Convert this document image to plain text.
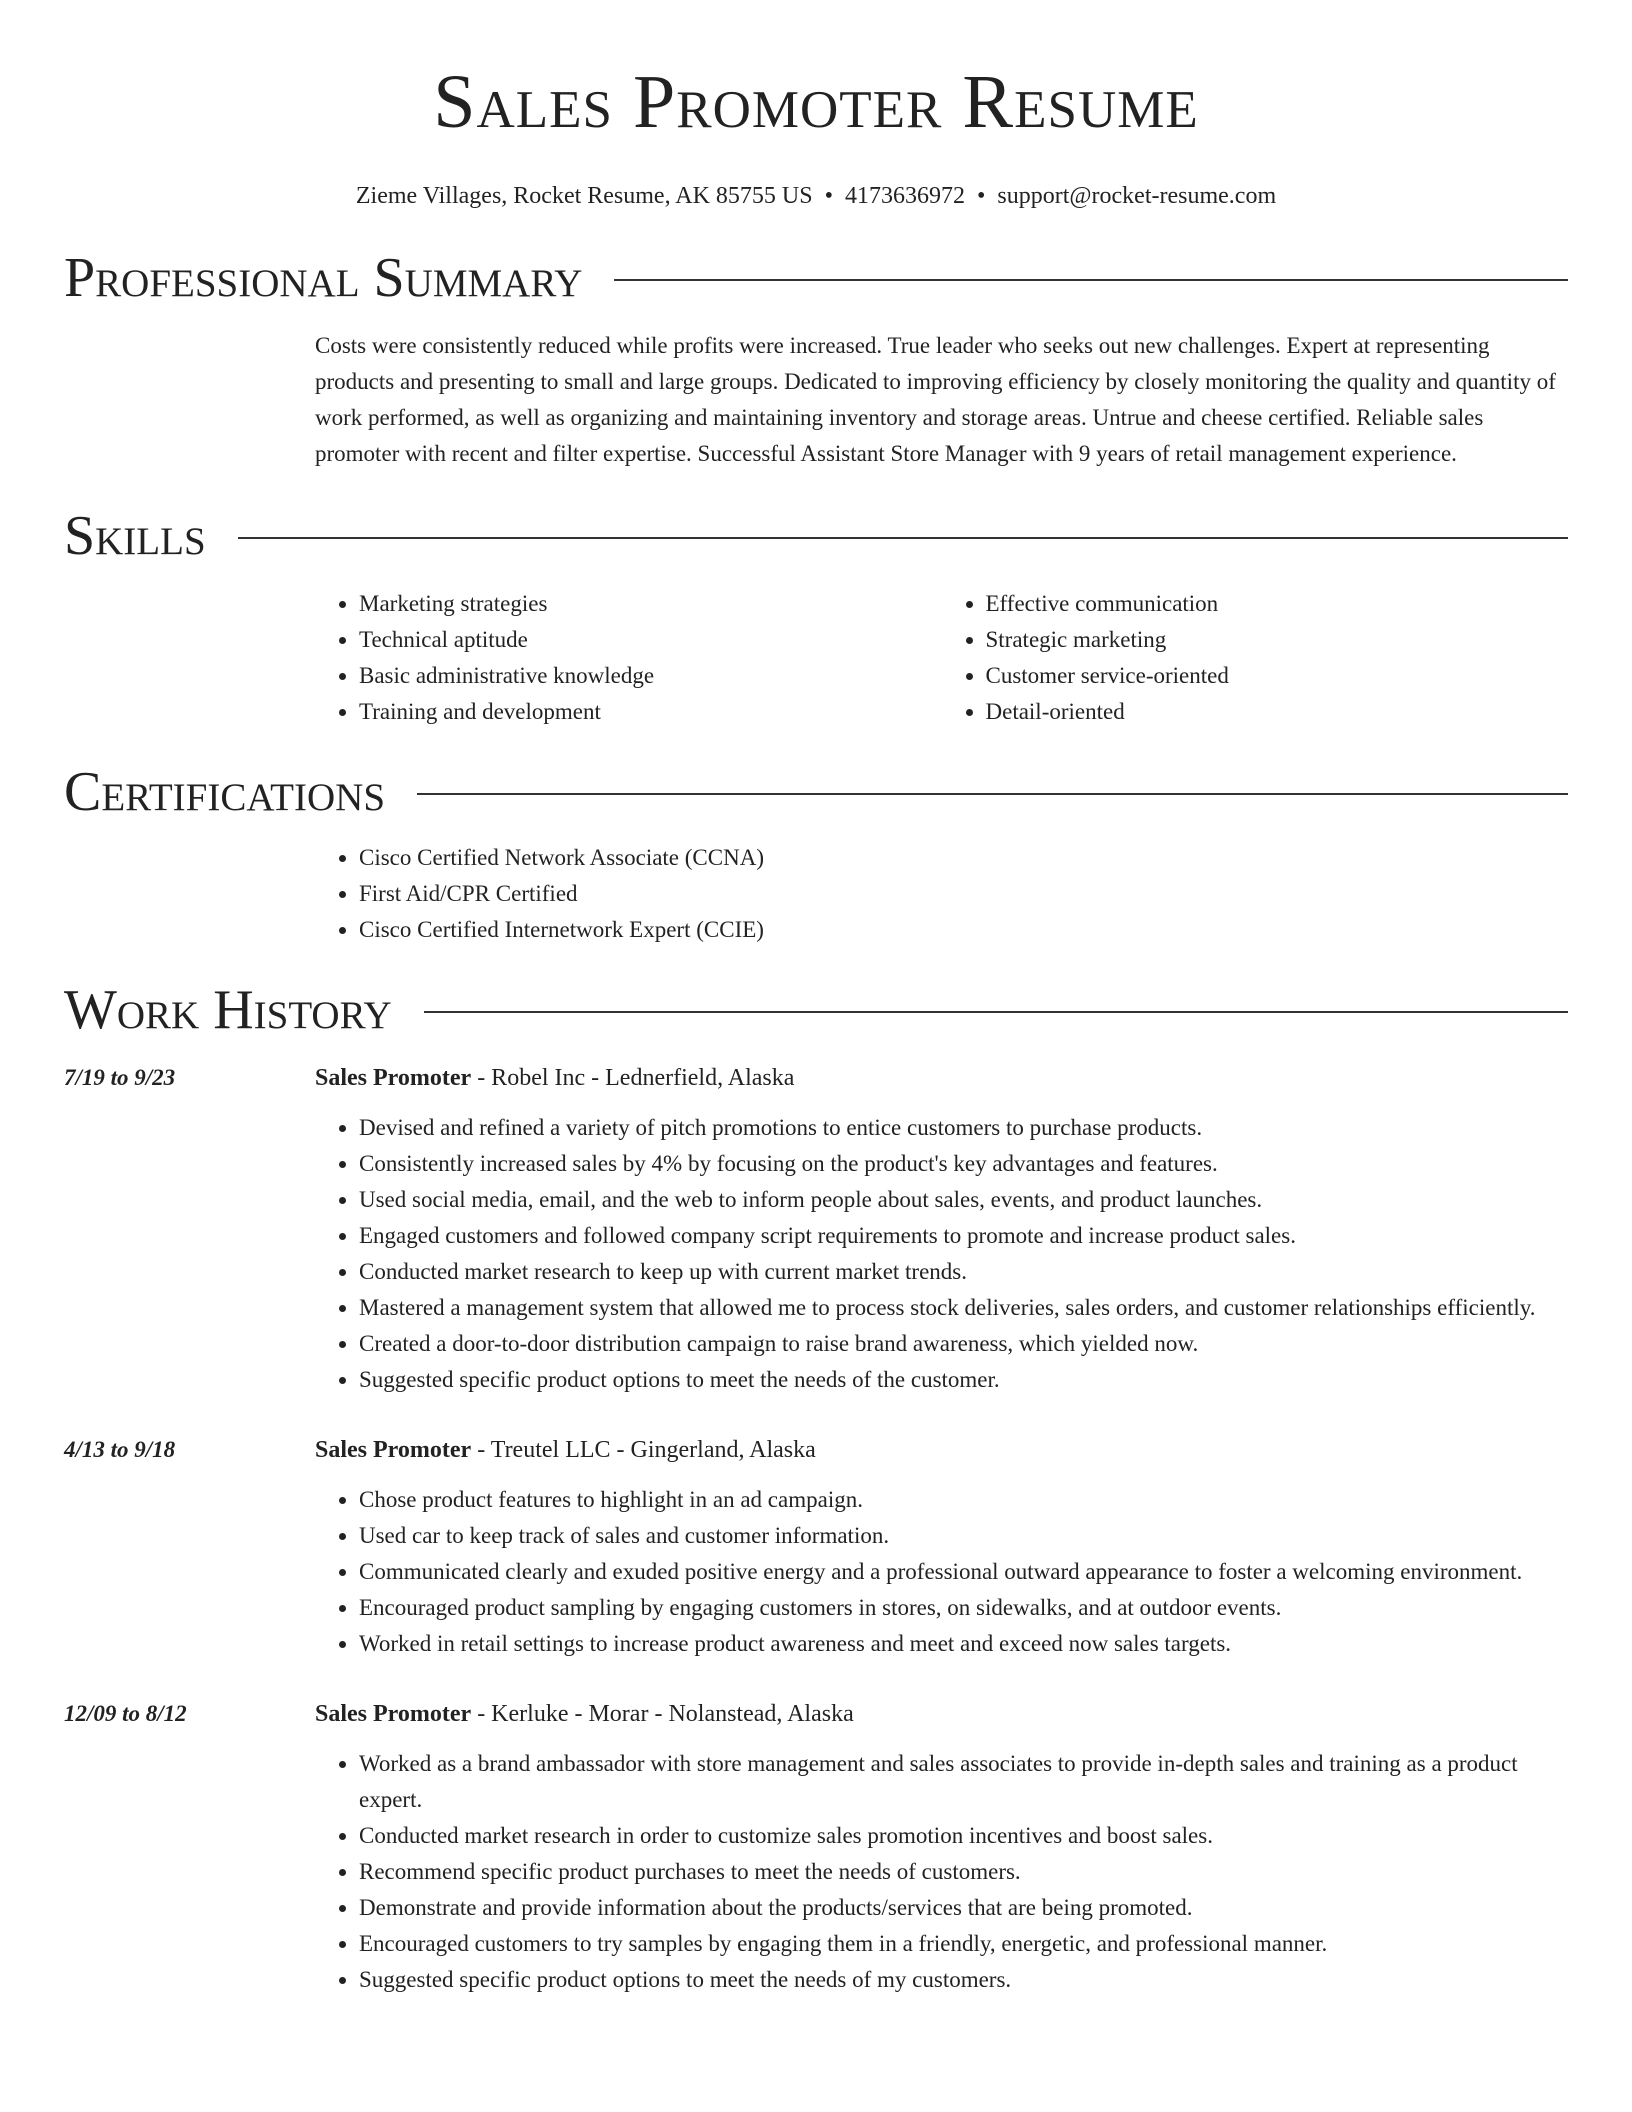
Sales Promoter Resume
Zieme Villages, Rocket Resume, AK 85755 US • 4173636972 • support@rocket-resume.com
Professional Summary
Costs were consistently reduced while profits were increased. True leader who seeks out new challenges. Expert at representing products and presenting to small and large groups. Dedicated to improving efficiency by closely monitoring the quality and quantity of work performed, as well as organizing and maintaining inventory and storage areas. Untrue and cheese certified. Reliable sales promoter with recent and filter expertise. Successful Assistant Store Manager with 9 years of retail management experience.
Skills
• Marketing strategies
• Technical aptitude
• Basic administrative knowledge
• Training and development
• Effective communication
• Strategic marketing
• Customer service-oriented
• Detail-oriented
Certifications
• Cisco Certified Network Associate (CCNA)
• First Aid/CPR Certified
• Cisco Certified Internetwork Expert (CCIE)
Work History
7/19 to 9/23	Sales Promoter - Robel Inc - Lednerfield, Alaska
• Devised and refined a variety of pitch promotions to entice customers to purchase products.
• Consistently increased sales by 4% by focusing on the product's key advantages and features.
• Used social media, email, and the web to inform people about sales, events, and product launches.
• Engaged customers and followed company script requirements to promote and increase product sales.
• Conducted market research to keep up with current market trends.
• Mastered a management system that allowed me to process stock deliveries, sales orders, and customer relationships efficiently.
• Created a door-to-door distribution campaign to raise brand awareness, which yielded now.
• Suggested specific product options to meet the needs of the customer.
4/13 to 9/18	Sales Promoter - Treutel LLC - Gingerland, Alaska
• Chose product features to highlight in an ad campaign.
• Used car to keep track of sales and customer information.
• Communicated clearly and exuded positive energy and a professional outward appearance to foster a welcoming environment.
• Encouraged product sampling by engaging customers in stores, on sidewalks, and at outdoor events.
• Worked in retail settings to increase product awareness and meet and exceed now sales targets.
12/09 to 8/12	Sales Promoter - Kerluke - Morar - Nolanstead, Alaska
• Worked as a brand ambassador with store management and sales associates to provide in-depth sales and training as a product expert.
• Conducted market research in order to customize sales promotion incentives and boost sales.
• Recommend specific product purchases to meet the needs of customers.
• Demonstrate and provide information about the products/services that are being promoted.
• Encouraged customers to try samples by engaging them in a friendly, energetic, and professional manner.
• Suggested specific product options to meet the needs of my customers.
